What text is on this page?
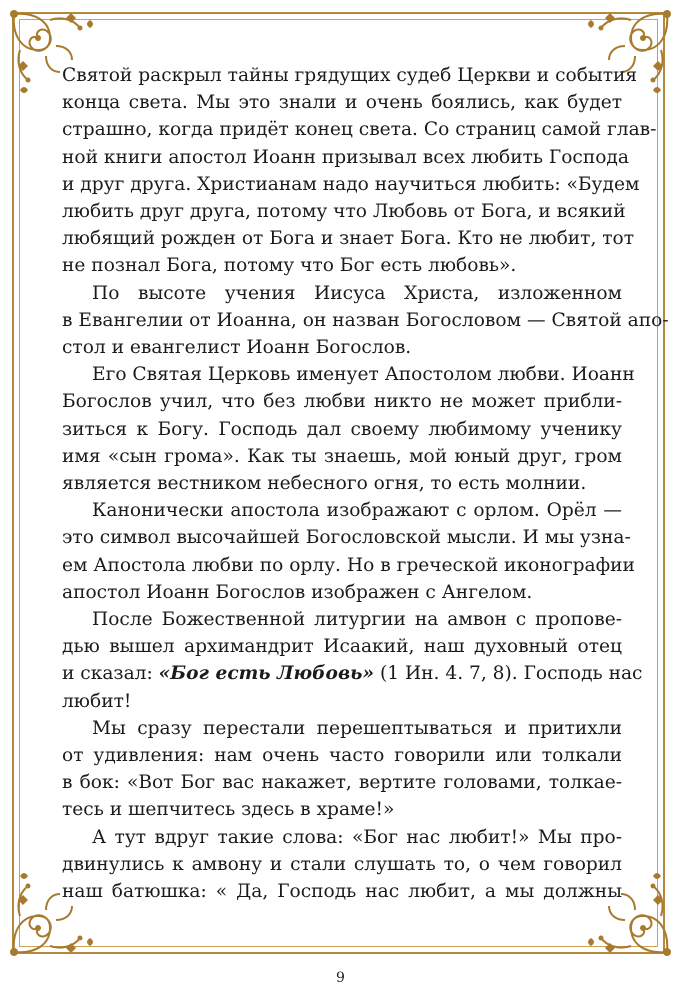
Святой раскрыл тайны грядущих судеб Церкви и события
конца света. Мы это знали и очень боялись, как будет
страшно, когда придёт конец света. Со страниц самой глав-
ной книги апостол Иоанн призывал всех любить Господа
и друг друга. Христианам надо научиться любить: «Будем
любить друг друга, потому что Любовь от Бога, и всякий
любящий рожден от Бога и знает Бога. Кто не любит, тот
не познал Бога, потому что Бог есть любовь».
По высоте учения Иисуса Христа, изложенном
в Евангелии от Иоанна, он назван Богословом — Святой апо-
стол и евангелист Иоанн Богослов.
Его Святая Церковь именует Апостолом любви. Иоанн
Богослов учил, что без любви никто не может прибли-
зиться к Богу. Господь дал своему любимому ученику
имя «сын грома». Как ты знаешь, мой юный друг, гром
является вестником небесного огня, то есть молнии.
Канонически апостола изображают с орлом. Орёл —
это символ высочайшей Богословской мысли. И мы узна-
ем Апостола любви по орлу. Но в греческой иконографии
апостол Иоанн Богослов изображен с Ангелом.
После Божественной литургии на амвон с пропове-
дью вышел архимандрит Исаакий, наш духовный отец
и сказал: «Бог есть Любовь» (1 Ин. 4. 7, 8). Господь нас
любит!
Мы сразу перестали перешептываться и притихли
от удивления: нам очень часто говорили или толкали
в бок: «Вот Бог вас накажет, вертите головами, толкае-
тесь и шепчитесь здесь в храме!»
А тут вдруг такие слова: «Бог нас любит!» Мы про-
двинулись к амвону и стали слушать то, о чем говорил
наш батюшка: « Да, Господь нас любит, а мы должны
9
